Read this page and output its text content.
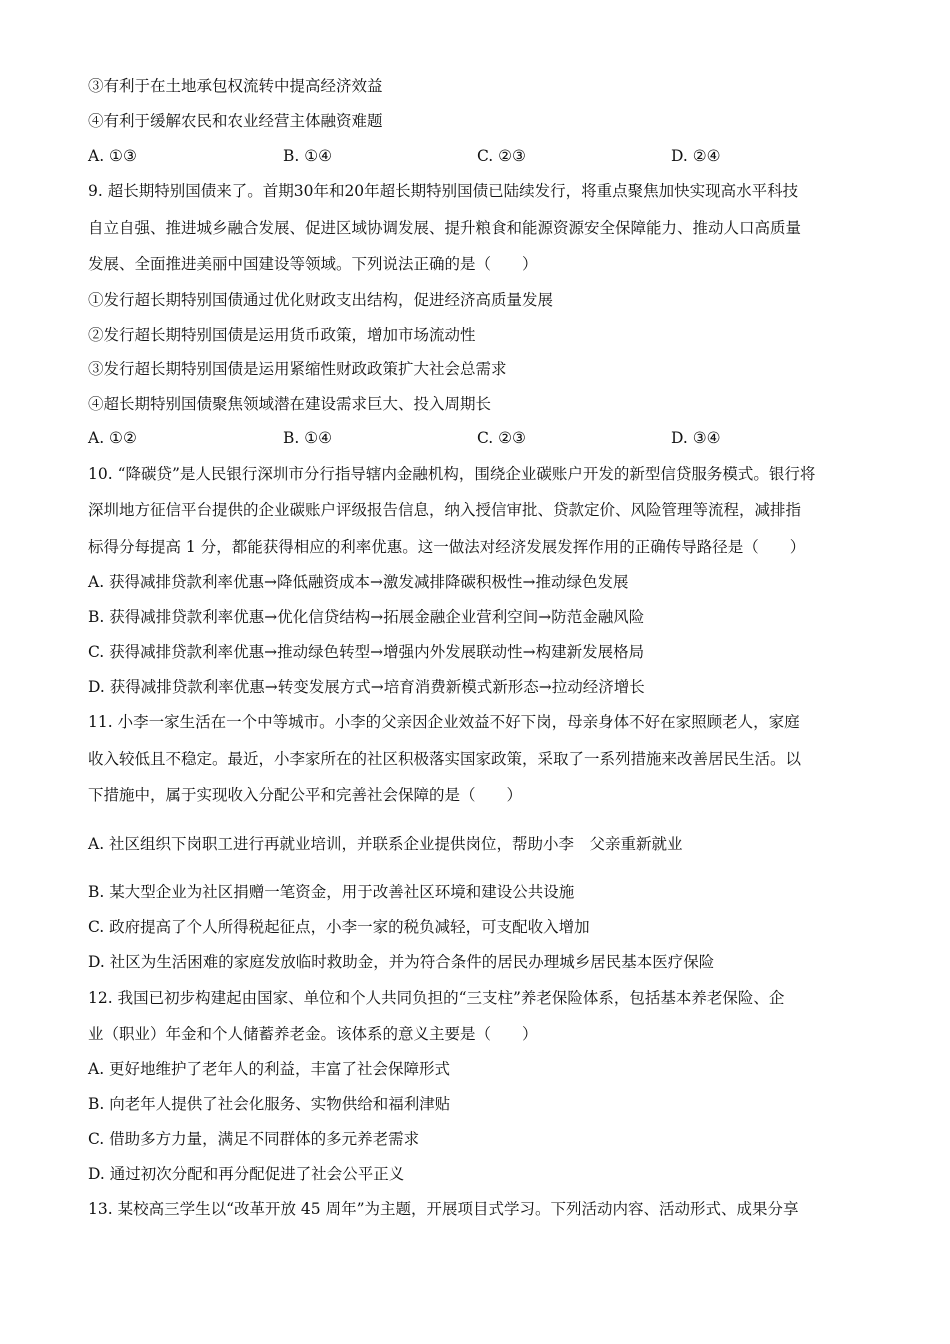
③有利于在土地承包权流转中提高经济效益
④有利于缓解农民和农业经营主体融资难题
A. ①③	B. ①④	C. ②③	D. ②④
9. 超长期特别国债来了。首期30年和20年超长期特别国债已陆续发行，将重点聚焦加快实现高水平科技
自立自强、推进城乡融合发展、促进区域协调发展、提升粮食和能源资源安全保障能力、推动人口高质量
发展、全面推进美丽中国建设等领域。下列说法正确的是（　　）
①发行超长期特别国债通过优化财政支出结构，促进经济高质量发展
②发行超长期特别国债是运用货币政策，增加市场流动性
③发行超长期特别国债是运用紧缩性财政政策扩大社会总需求
④超长期特别国债聚焦领域潜在建设需求巨大、投入周期长
A. ①②	B. ①④	C. ②③	D. ③④
10. “降碳贷”是人民银行深圳市分行指导辖内金融机构，围绕企业碳账户开发的新型信贷服务模式。银行将
深圳地方征信平台提供的企业碳账户评级报告信息，纳入授信审批、贷款定价、风险管理等流程，减排指
标得分每提高 1 分，都能获得相应的利率优惠。这一做法对经济发展发挥作用的正确传导路径是（　　）
A. 获得减排贷款利率优惠→降低融资成本→激发减排降碳积极性→推动绿色发展
B. 获得减排贷款利率优惠→优化信贷结构→拓展金融企业营利空间→防范金融风险
C. 获得减排贷款利率优惠→推动绿色转型→增强内外发展联动性→构建新发展格局
D. 获得减排贷款利率优惠→转变发展方式→培育消费新模式新形态→拉动经济增长
11. 小李一家生活在一个中等城市。小李的父亲因企业效益不好下岗，母亲身体不好在家照顾老人，家庭
收入较低且不稳定。最近，小李家所在的社区积极落实国家政策，采取了一系列措施来改善居民生活。以
下措施中，属于实现收入分配公平和完善社会保障的是（　　）
A. 社区组织下岗职工进行再就业培训，并联系企业提供岗位，帮助小李　父亲重新就业
B. 某大型企业为社区捐赠一笔资金，用于改善社区环境和建设公共设施
C. 政府提高了个人所得税起征点，小李一家的税负减轻，可支配收入增加
D. 社区为生活困难的家庭发放临时救助金，并为符合条件的居民办理城乡居民基本医疗保险
12. 我国已初步构建起由国家、单位和个人共同负担的“三支柱”养老保险体系，包括基本养老保险、企
业（职业）年金和个人储蓄养老金。该体系的意义主要是（　　）
A. 更好地维护了老年人的利益，丰富了社会保障形式
B. 向老年人提供了社会化服务、实物供给和福利津贴
C. 借助多方力量，满足不同群体的多元养老需求
D. 通过初次分配和再分配促进了社会公平正义
13. 某校高三学生以“改革开放 45 周年”为主题，开展项目式学习。下列活动内容、活动形式、成果分享
